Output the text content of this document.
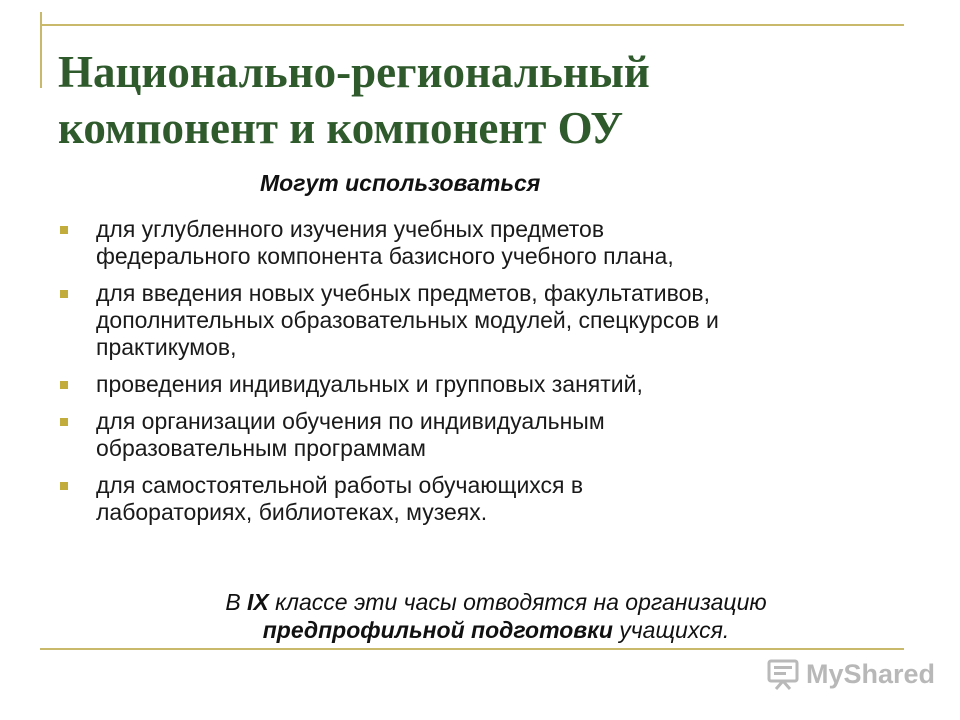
Национально-региональный
компонент и компонент ОУ
Могут использоваться
для углубленного изучения учебных предметов
федерального компонента базисного учебного плана,
для введения новых учебных предметов, факультативов,
дополнительных образовательных модулей, спецкурсов и
практикумов,
проведения индивидуальных и групповых занятий,
для организации обучения по индивидуальным
образовательным программам
для самостоятельной работы обучающихся в
лабораториях, библиотеках, музеях.
В IX классе эти часы отводятся на организацию
предпрофильной подготовки учащихся.
MyShared
